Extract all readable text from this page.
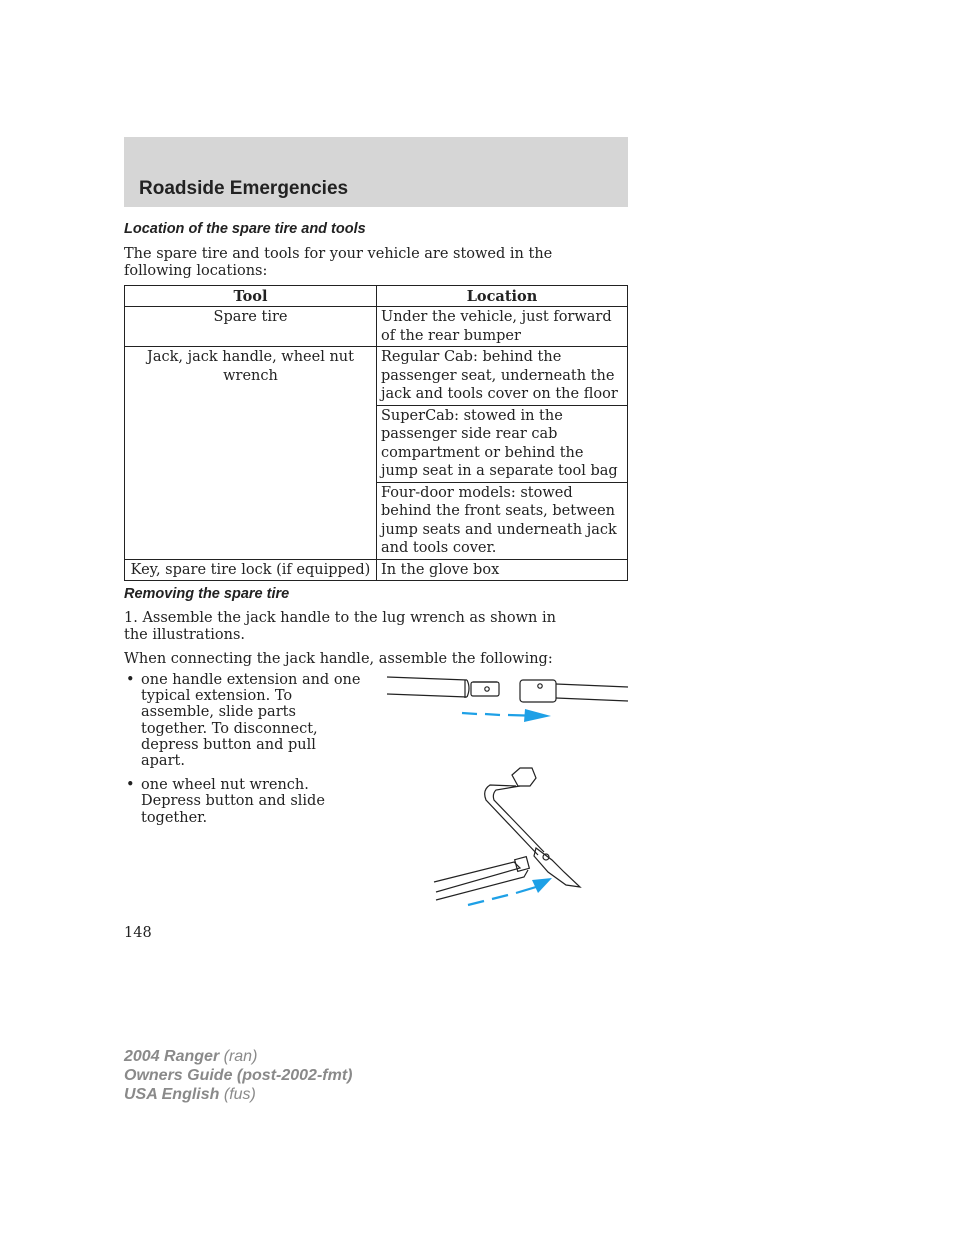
Roadside Emergencies
Location of the spare tire and tools
The spare tire and tools for your vehicle are stowed in the following locations:
Tool	Location
Spare tire	Under the vehicle, just forward of the rear bumper
Jack, jack handle, wheel nut wrench	Regular Cab: behind the passenger seat, underneath the jack and tools cover on the floor
	SuperCab: stowed in the passenger side rear cab compartment or behind the jump seat in a separate tool bag
	Four-door models: stowed behind the front seats, between jump seats and underneath jack and tools cover.
Key, spare tire lock (if equipped)	In the glove box
Removing the spare tire
1. Assemble the jack handle to the lug wrench as shown in the illustrations.
When connecting the jack handle, assemble the following:
• one handle extension and one typical extension. To assemble, slide parts together. To disconnect, depress button and pull apart.
• one wheel nut wrench. Depress button and slide together.
148
2004 Ranger (ran)
Owners Guide (post-2002-fmt)
USA English (fus)
